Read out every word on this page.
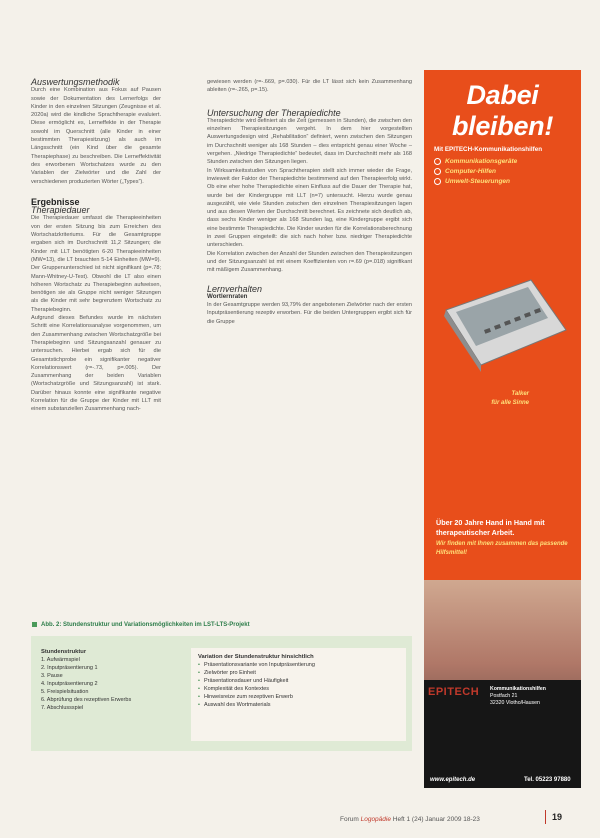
Auswertungsmethodik

Durch eine Kombination aus Fokus auf Pausen sowie der Dokumentation des Lernerfolgs der Kinder in den einzelnen Sitzungen (Zeugnisse et al. 2020a) wird die kindliche Sprachtherapie evaluiert. Diese ermöglicht es, Lerneffekte in der Therapie sowohl im Querschnitt (alle Kinder in einer bestimmten Therapiesitzung) als auch im Längsschnitt (ein Kind über die gesamte Therapiephase) zu beschreiben. Die Lerneffektivität des erworbenen Wortschatzes wurde zu den Variablen der Zielwörter und die Zahl der verschiedenen produzierten Wörter („Types“).

Ergebnisse

Therapiedauer

Die Therapiedauer umfasst die Therapieeinheiten von der ersten Sitzung bis zum Erreichen des Wortschatzkriteriums. Für die Gesamtgruppe ergaben sich im Durchschnitt 11,2 Sitzungen; die Kinder mit LLT benötigten 6-20 Therapieeinheiten (MW=13), die LT brauchten 5-14 Einheiten (MW=9). Der Gruppenunterschied ist nicht signifikant (p=.78; Mann-Whitney-U-Test). Obwohl die LT also einen höheren Wortschatz zu Therapiebeginn aufweisen, benötigen sie als Gruppe nicht weniger Sitzungen als die Kinder mit sehr begrenztem Wortschatz zu Therapiebeginn.

Aufgrund dieses Befundes wurde im nächsten Schritt eine Korrelationsanalyse vorgenommen, um den Zusammenhang zwischen Wortschatzgröße bei Therapiebeginn und Sitzungsanzahl genauer zu untersuchen. Hierbei ergab sich für die Gesamtstichprobe ein signifikanter negativer Korrelationswert (r=-.73, p=.005). Der Zusammenhang der beiden Variablen (Wortschatzgröße und Sitzungsanzahl) ist stark. Darüber hinaus konnte eine signifikante negative Korrelation für die Gruppe der Kinder mit LLT mit einem substanziellen Zusammenhang nach-

gewiesen werden (r=-.669, p=.030). Für die LT lässt sich kein Zusammenhang ableiten (r=-.265, p=.15).

Untersuchung der Therapiedichte

Therapiedichte wird definiert als die Zeit (gemessen in Stunden), die zwischen den einzelnen Therapiesitzungen vergeht. In dem hier vorgestellten Auswertungsdesign wird „Rehabilitation“ definiert, wenn zwischen den Sitzungen im Durchschnitt weniger als 168 Stunden – dies entspricht genau einer Woche – vergehen. „Niedrige Therapiedichte“ bedeutet, dass im Durchschnitt mehr als 168 Stunden zwischen den Sitzungen liegen.

In Wirksamkeitsstudien von Sprachtherapien stellt sich immer wieder die Frage, inwieweit der Faktor der Therapiedichte bestimmend auf den Therapieerfolg wirkt. Ob eine eher hohe Therapiedichte einen Einfluss auf die Dauer der Therapie hat, wurde bei der Kindergruppe mit LLT (n=7) untersucht. Hierzu wurde genau ausgezählt, wie viele Stunden zwischen den einzelnen Therapiesitzungen lagen und aus diesen Werten der Durchschnitt berechnet. Es zeichnete sich deutlich ab, dass sechs Kinder weniger als 168 Stunden lag, eine Kindergruppe ergibt sich eine bestimmte Therapiedichte. Die Kinder wurden für die Korrelationsberechnung in zwei Gruppen eingeteilt: die sich nach hoher bzw. niedriger Therapiedichte unterschieden.

Die Korrelation zwischen der Anzahl der Stunden zwischen den Therapiesitzungen und der Sitzungsanzahl ist mit einem Koeffizienten von r=.69 (p=.018) signifikant mit mäßigem Zusammenhang.

Lernverhalten

Wortlernraten

In der Gesamtgruppe werden 93,79% der angebotenen Zielwörter nach der ersten Inputpräsentierung rezeptiv erworben. Für die beiden Untergruppen ergibt sich für die Gruppe

Dabei
bleiben!
Mit EPITECH-Kommunikationshilfen
Kommunikationsgeräte
Computer-Hilfen
Umwelt-Steuerungen
Talker
für alle Sinne
Über 20 Jahre Hand in Hand mit therapeutischer Arbeit.
Wir finden mit Ihnen zusammen das passende Hilfsmittel!
EPITECH Kommunikationshilfen
Postfach 21
32320 Vlotho/Hausen
www.epitech.de	Tel. 05223 97880
Abb. 2: Stundenstruktur und Variationsmöglichkeiten im LST-LTS-Projekt
Stundenstruktur
1. Aufwärmspiel
2. Inputpräsentierung 1
3. Pause
4. Inputpräsentierung 2
5. Freispielsituation
6. Abprüfung des rezeptiven Erwerbs
7. Abschlussspiel
Variation der Stundenstruktur hinsichtlich
• Präsentationsvariante von Inputpräsentierung
• Zielwörter pro Einheit
• Präsentationsdauer und Häufigkeit
• Komplexität des Kontextes
• Hinweisreize zum rezeptiven Erwerb
• Auswahl des Wortmaterials
Forum Logopädie Heft 1 (24) Januar 2009 18-23	19
